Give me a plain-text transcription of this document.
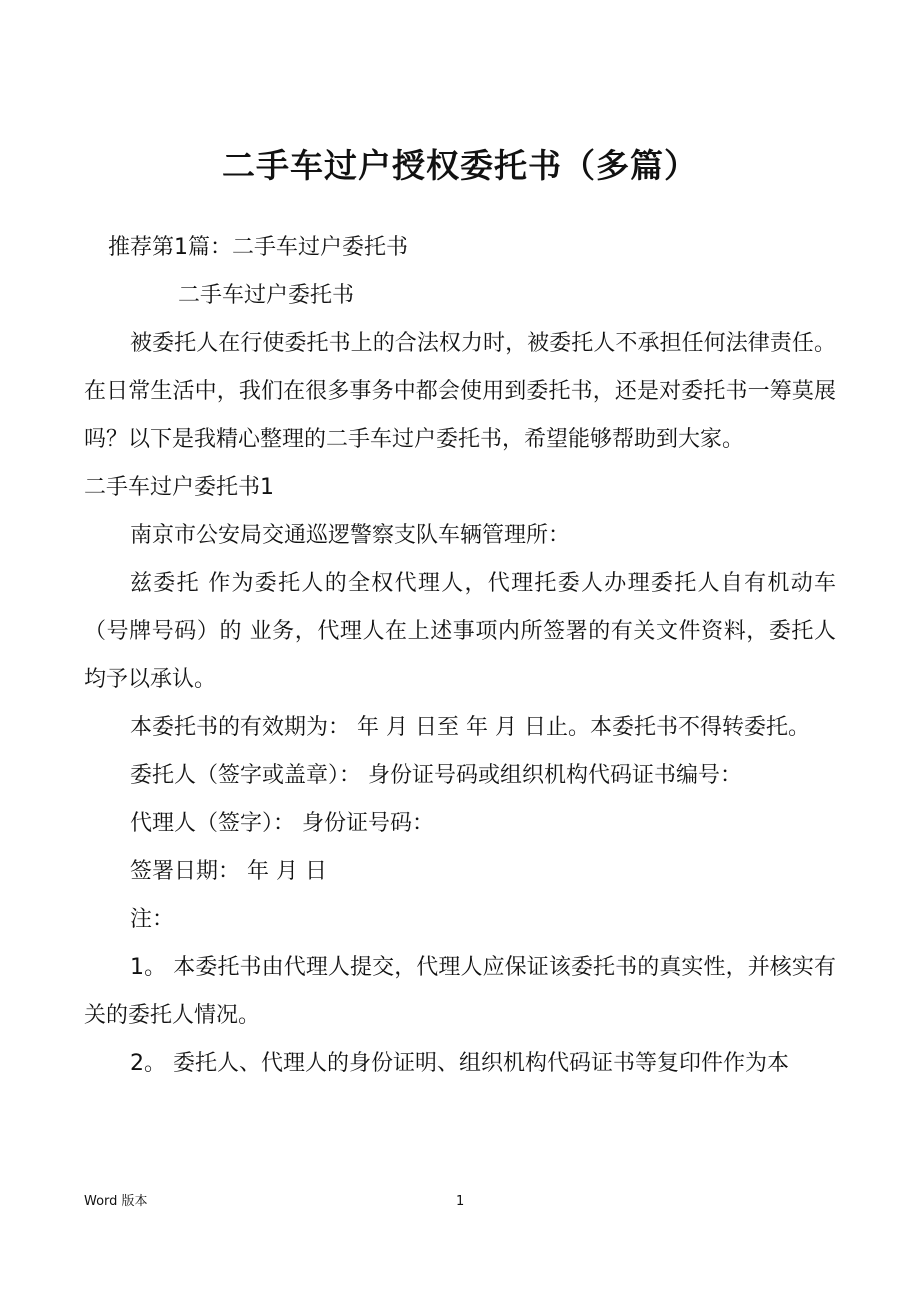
二手车过户授权委托书（多篇）

推荐第1篇：二手车过户委托书

二手车过户委托书

被委托人在行使委托书上的合法权力时，被委托人不承担任何法律责任。在日常生活中，我们在很多事务中都会使用到委托书，还是对委托书一筹莫展吗？以下是我精心整理的二手车过户委托书，希望能够帮助到大家。

二手车过户委托书1

南京市公安局交通巡逻警察支队车辆管理所：

兹委托 作为委托人的全权代理人，代理托委人办理委托人自有机动车（号牌号码）的 业务，代理人在上述事项内所签署的有关文件资料，委托人均予以承认。

本委托书的有效期为： 年 月 日至 年 月 日止。本委托书不得转委托。

委托人（签字或盖章）： 身份证号码或组织机构代码证书编号：

代理人（签字）： 身份证号码：

签署日期： 年 月 日

注：

1。 本委托书由代理人提交，代理人应保证该委托书的真实性，并核实有关的委托人情况。

2。 委托人、代理人的身份证明、组织机构代码证书等复印件作为本

Word 版本	1
